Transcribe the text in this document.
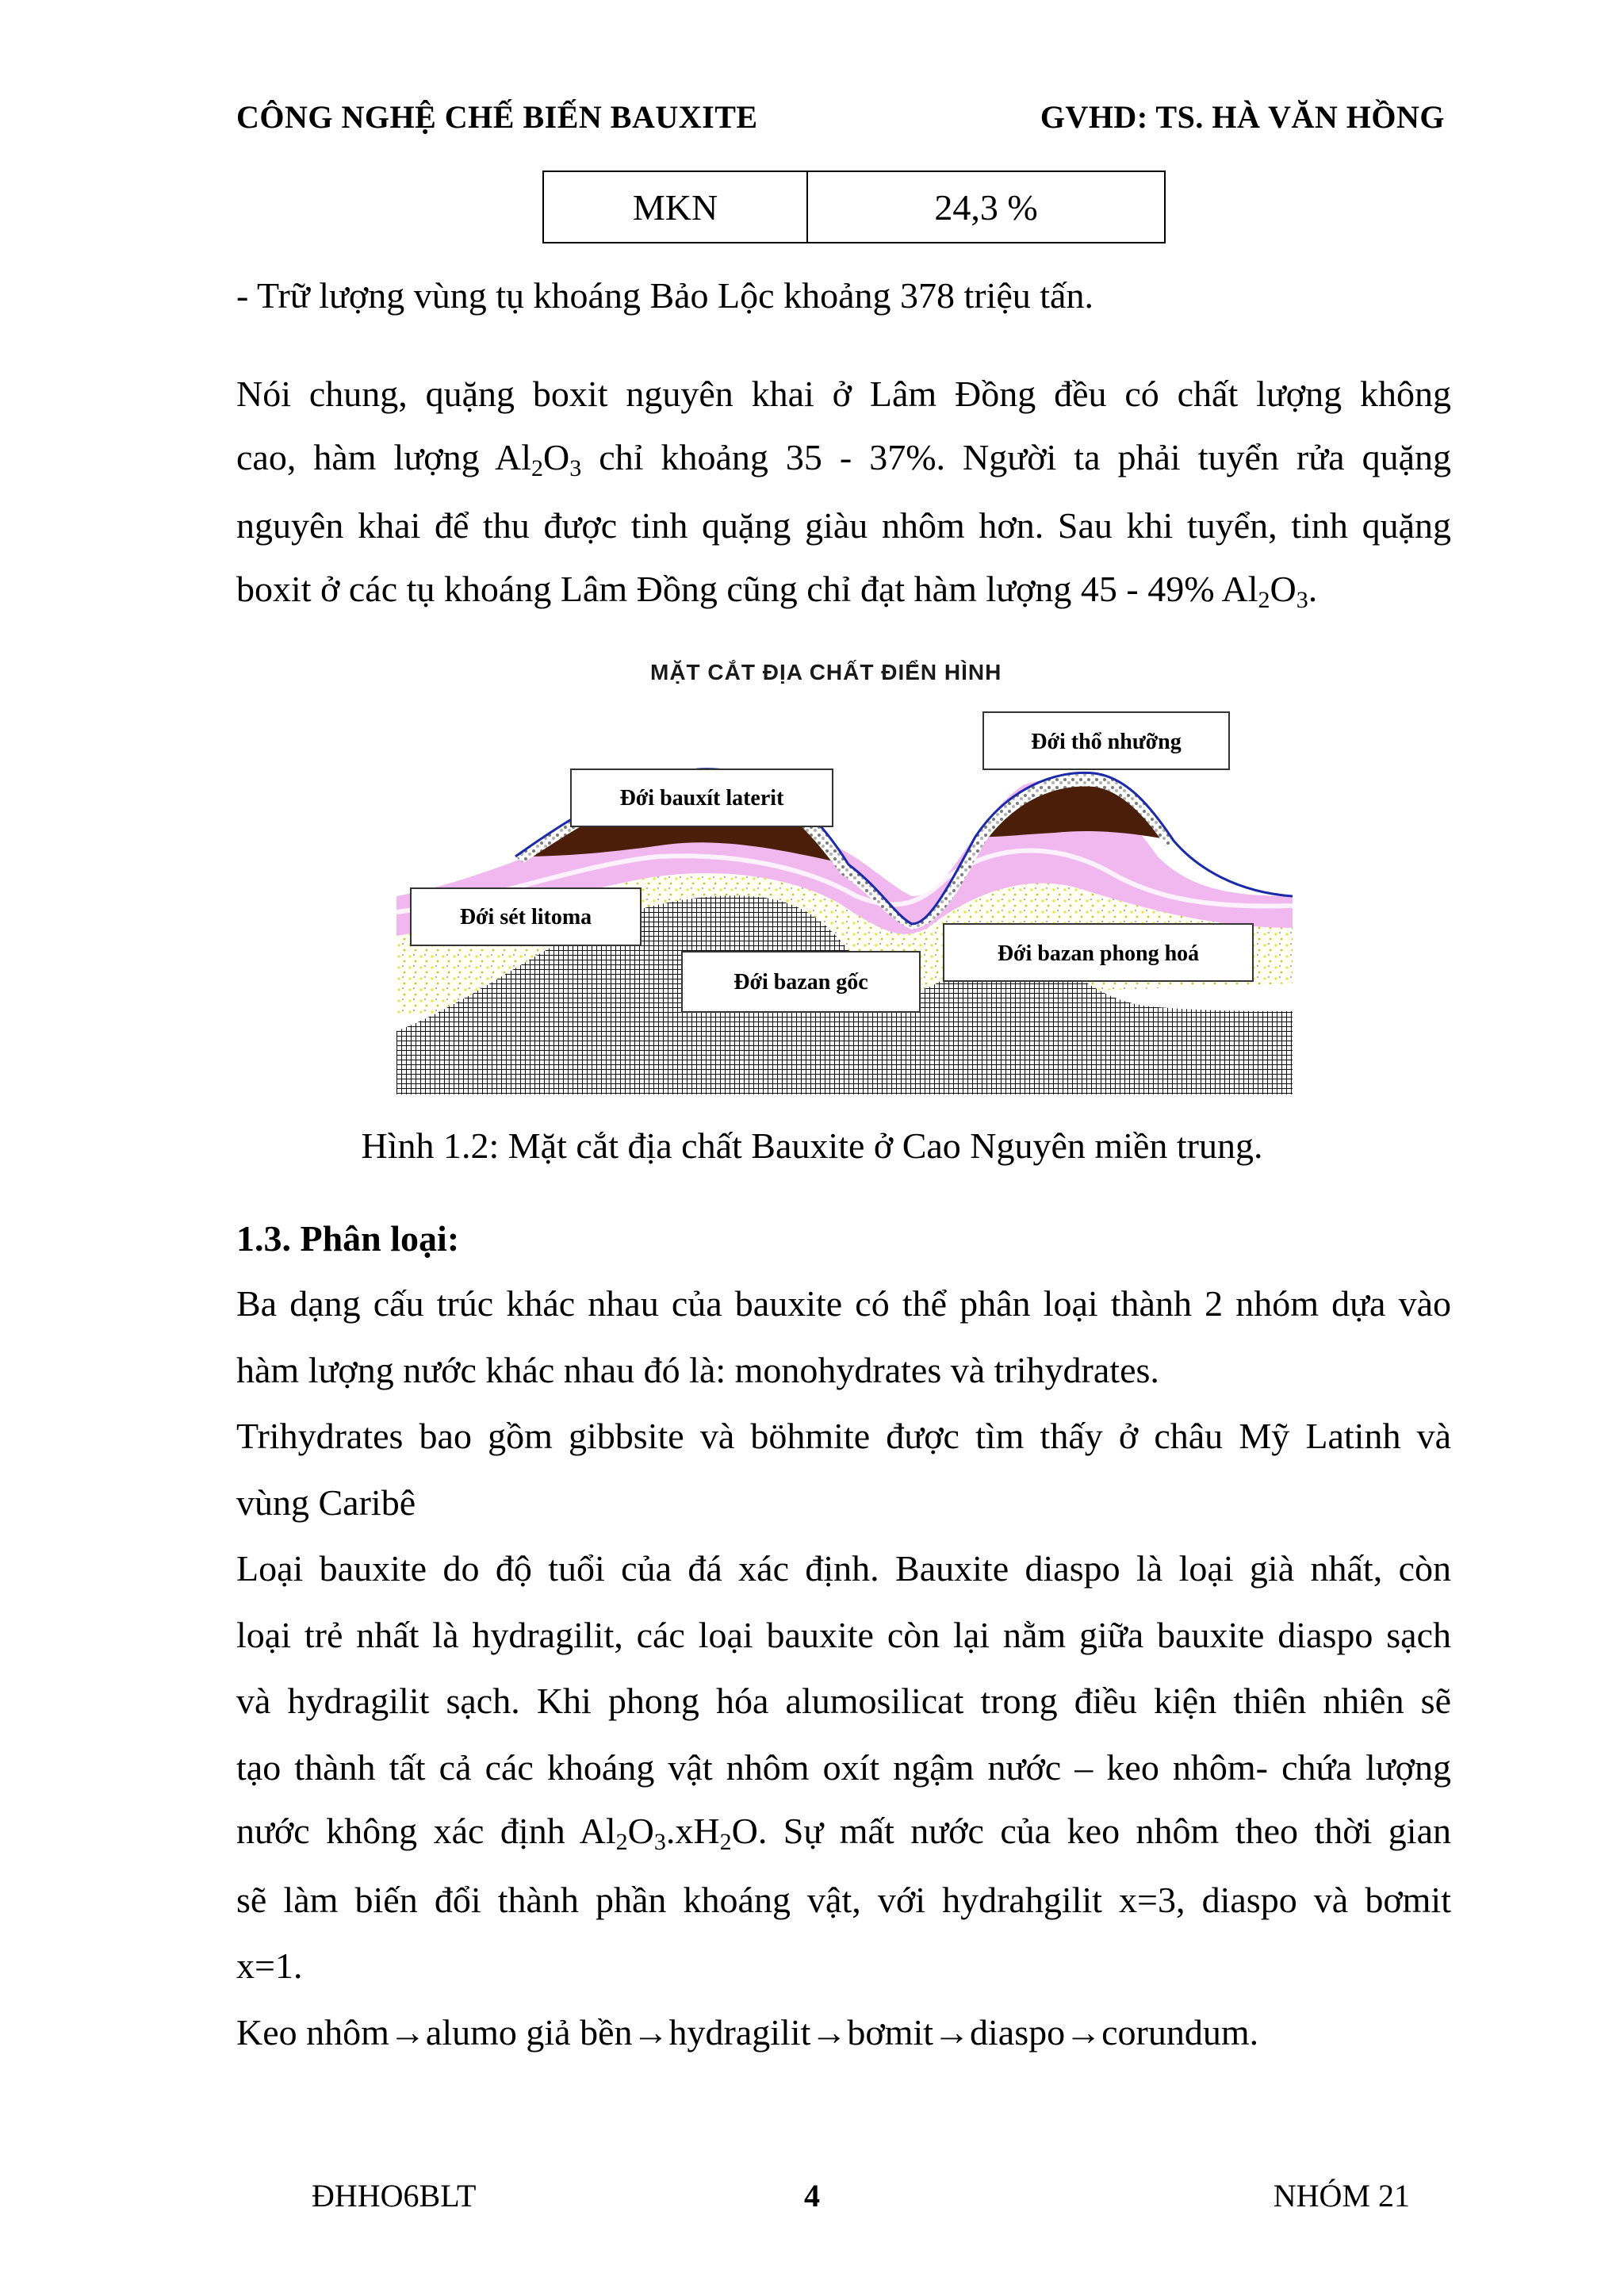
CÔNG NGHỆ CHẾ BIẾN BAUXITE	GVHD: TS. HÀ VĂN HỒNG
MKN	24,3 %
- Trữ lượng vùng tụ khoáng Bảo Lộc khoảng 378 triệu tấn.
Nói chung, quặng boxit nguyên khai ở Lâm Đồng đều có chất lượng không
cao, hàm lượng $Al_2O_3$ chỉ khoảng 35 - 37%. Người ta phải tuyển rửa quặng
nguyên khai để thu được tinh quặng giàu nhôm hơn. Sau khi tuyển, tinh quặng
boxit ở các tụ khoáng Lâm Đồng cũng chỉ đạt hàm lượng 45 - 49% $Al_2O_3$.
MẶT CẮT ĐỊA CHẤT ĐIỂN HÌNH
Đới thổ nhưỡng
Đới bauxít laterit
Đới sét litoma
Đới bazan gốc
Đới bazan phong hoá
Hình 1.2: Mặt cắt địa chất Bauxite ở Cao Nguyên miền trung.
1.3. Phân loại:
Ba dạng cấu trúc khác nhau của bauxite có thể phân loại thành 2 nhóm dựa vào
hàm lượng nước khác nhau đó là: monohydrates và trihydrates.
Trihydrates bao gồm gibbsite và böhmite được tìm thấy ở châu Mỹ Latinh và
vùng Caribê
Loại bauxite do độ tuổi của đá xác định. Bauxite diaspo là loại già nhất, còn
loại trẻ nhất là hydragilit, các loại bauxite còn lại nằm giữa bauxite diaspo sạch
và hydragilit sạch. Khi phong hóa alumosilicat trong điều kiện thiên nhiên sẽ
tạo thành tất cả các khoáng vật nhôm oxít ngậm nước – keo nhôm- chứa lượng
nước không xác định $Al_2O_3.xH_2O$. Sự mất nước của keo nhôm theo thời gian
sẽ làm biến đổi thành phần khoáng vật, với hydrahgilit x=3, diaspo và bơmit
x=1.
Keo nhôm→alumo giả bền→hydragilit→bơmit→diaspo→corundum.
ĐHHO6BLT	4	NHÓM 21
